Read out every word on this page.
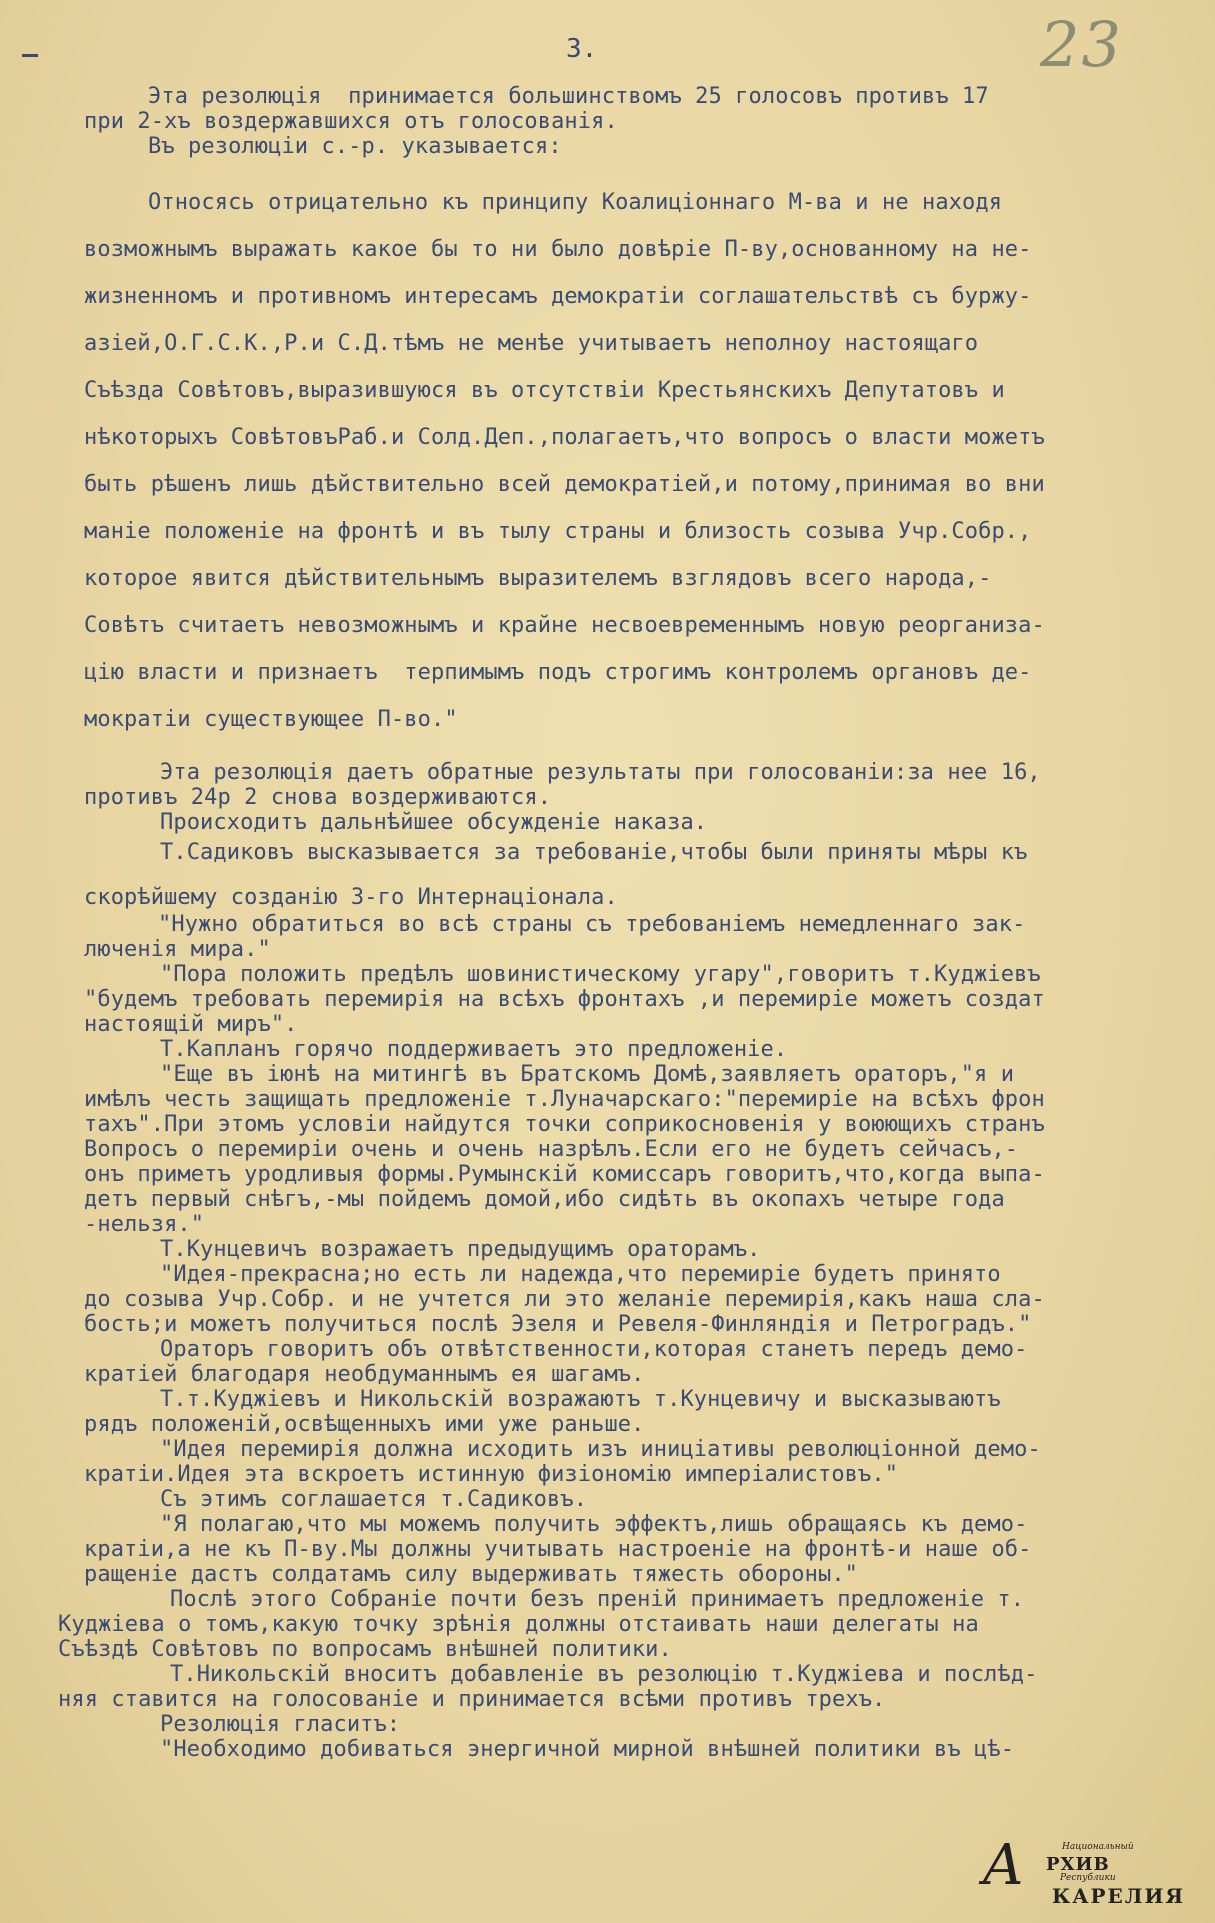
3.	23
Эта резолюція  принимается большинствомъ 25 голосовъ противъ 17
при 2-хъ воздержавшихся отъ голосованія.
Въ резолюціи с.-р. указывается:
Относясь отрицательно къ принципу Коалиціоннаго М-ва и не находя
возможнымъ выражать какое бы то ни было довѣріе П-ву,основанному на не-
жизненномъ и противномъ интересамъ демократіи соглашательствѣ съ буржу-
азіей,О.Г.С.К.,Р.и С.Д.тѣмъ не менѣе учитываетъ неполноу настоящаго
Съѣзда Совѣтовъ,выразившуюся въ отсутствіи Крестьянскихъ Депутатовъ и
нѣкоторыхъ СовѣтовъРаб.и Солд.Деп.,полагаетъ,что вопросъ о власти можетъ
быть рѣшенъ лишь дѣйствительно всей демократіей,и потому,принимая во вни
маніе положеніе на фронтѣ и въ тылу страны и близость созыва Учр.Собр.,
которое явится дѣйствительнымъ выразителемъ взглядовъ всего народа,-
Совѣтъ считаетъ невозможнымъ и крайне несвоевременнымъ новую реорганиза-
цію власти и признаетъ  терпимымъ подъ строгимъ контролемъ органовъ де-
мократіи существующее П-во."
Эта резолюція даетъ обратные результаты при голосованіи:за нее 16,
противъ 24р 2 снова воздерживаются.
Происходитъ дальнѣйшее обсужденіе наказа.
Т.Садиковъ высказывается за требованіе,чтобы были приняты мѣры къ
скорѣйшему созданію 3-го Интернаціонала.
"Нужно обратиться во всѣ страны съ требованіемъ немедленнаго зак-
люченія мира."
"Пора положить предѣлъ шовинистическому угару",говоритъ т.Куджіевъ
"будемъ требовать перемирія на всѣхъ фронтахъ ,и перемиріе можетъ создат
настоящій миръ".
Т.Капланъ горячо поддерживаетъ это предложеніе.
"Еще въ іюнѣ на митингѣ въ Братскомъ Домѣ,заявляетъ ораторъ,"я и
имѣлъ честь защищать предложеніе т.Луначарскаго:"перемиріе на всѣхъ фрон
тахъ".При этомъ условіи найдутся точки соприкосновенія у воюющихъ странъ
Вопросъ о перемиріи очень и очень назрѣлъ.Если его не будетъ сейчасъ,-
онъ приметъ уродливыя формы.Румынскій комиссаръ говоритъ,что,когда выпа-
детъ первый снѣгъ,-мы пойдемъ домой,ибо сидѣть въ окопахъ четыре года
-нельзя."
Т.Кунцевичъ возражаетъ предыдущимъ ораторамъ.
"Идея-прекрасна;но есть ли надежда,что перемиріе будетъ принято
до созыва Учр.Собр. и не учтется ли это желаніе перемирія,какъ наша сла-
бость;и можетъ получиться послѣ Эзеля и Ревеля-Финляндія и Петроградъ."
Ораторъ говоритъ объ отвѣтственности,которая станетъ передъ демо-
кратіей благодаря необдуманнымъ ея шагамъ.
Т.т.Куджіевъ и Никольскій возражаютъ т.Кунцевичу и высказываютъ
рядъ положеній,освѣщенныхъ ими уже раньше.
"Идея перемирія должна исходить изъ иниціативы революціонной демо-
кратіи.Идея эта вскроетъ истинную физіономію имперіалистовъ."
Съ этимъ соглашается т.Садиковъ.
"Я полагаю,что мы можемъ получить эффектъ,лишь обращаясь къ демо-
кратіи,а не къ П-ву.Мы должны учитывать настроеніе на фронтѣ-и наше об-
ращеніе дастъ солдатамъ силу выдерживать тяжесть обороны."
Послѣ этого Собраніе почти безъ преній принимаетъ предложеніе т.
Куджіева о томъ,какую точку зрѣнія должны отстаивать наши делегаты на
Съѣздѣ Совѣтовъ по вопросамъ внѣшней политики.
Т.Никольскій вноситъ добавленіе въ резолюцію т.Куджіева и послѣд-
няя ставится на голосованіе и принимается всѣми противъ трехъ.
Резолюція гласитъ:
"Необходимо добиваться энергичной мирной внѣшней политики въ цѣ-
А	Национальный
РХИВ
Республики
КАРЕЛИЯ
